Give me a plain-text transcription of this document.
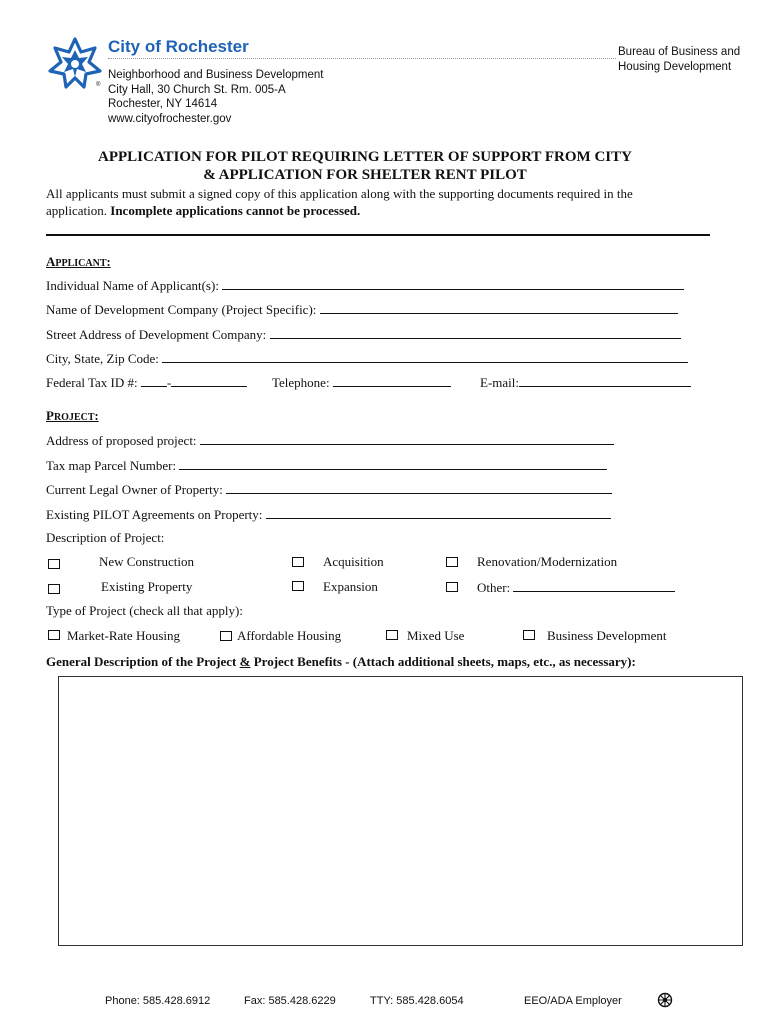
®
City of Rochester	Bureau of Business and
Housing Development
Neighborhood and Business Development
City Hall, 30 Church St. Rm. 005-A
Rochester, NY 14614
www.cityofrochester.gov
APPLICATION FOR PILOT REQUIRING LETTER OF SUPPORT FROM CITY
& APPLICATION FOR SHELTER RENT PILOT
All applicants must submit a signed copy of this application along with the supporting documents required in the application. Incomplete applications cannot be processed.
APPLICANT:
Individual Name of Applicant(s):
Name of Development Company (Project Specific):
Street Address of Development Company:
City, State, Zip Code:
Federal Tax ID #: -	Telephone:	E-mail:
PROJECT:
Address of proposed project:
Tax map Parcel Number:
Current Legal Owner of Property:
Existing PILOT Agreements on Property:
Description of Project:
New Construction	Acquisition	Renovation/Modernization
Existing Property	Expansion	Other:
Type of Project (check all that apply):
Market-Rate Housing	Affordable Housing	Mixed Use	Business Development
General Description of the Project & Project Benefits - (Attach additional sheets, maps, etc., as necessary):
Phone: 585.428.6912	Fax: 585.428.6229	TTY: 585.428.6054	EEO/ADA Employer
